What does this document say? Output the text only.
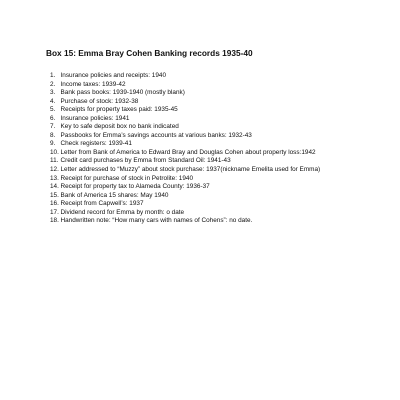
Box 15: Emma Bray Cohen Banking records 1935-40
1. Insurance policies and receipts: 1940
2. Income taxes: 1939-42
3. Bank pass books: 1939-1940 (mostly blank)
4. Purchase of stock: 1932-38
5. Receipts for property taxes paid: 1935-45
6. Insurance policies: 1941
7. Key to safe deposit box no bank indicated
8. Passbooks for Emma’s savings accounts at various banks: 1932-43
9. Check registers: 1939-41
10. Letter from Bank of America to Edward Bray and Douglas Cohen about property loss:1942
11. Credit card purchases by Emma from Standard Oil: 1941-43
12. Letter addressed to “Muzzy” about stock purchase: 1937(nickname Emelita used for Emma)
13. Receipt for purchase of stock in Petrolite: 1940
14. Receipt for property tax to Alameda County: 1936-37
15. Bank of America 15 shares: May 1940
16. Receipt from Capwell’s: 1937
17. Dividend record for Emma by month: o date
18. Handwritten note: “How many cars with names of Cohens”: no date.
